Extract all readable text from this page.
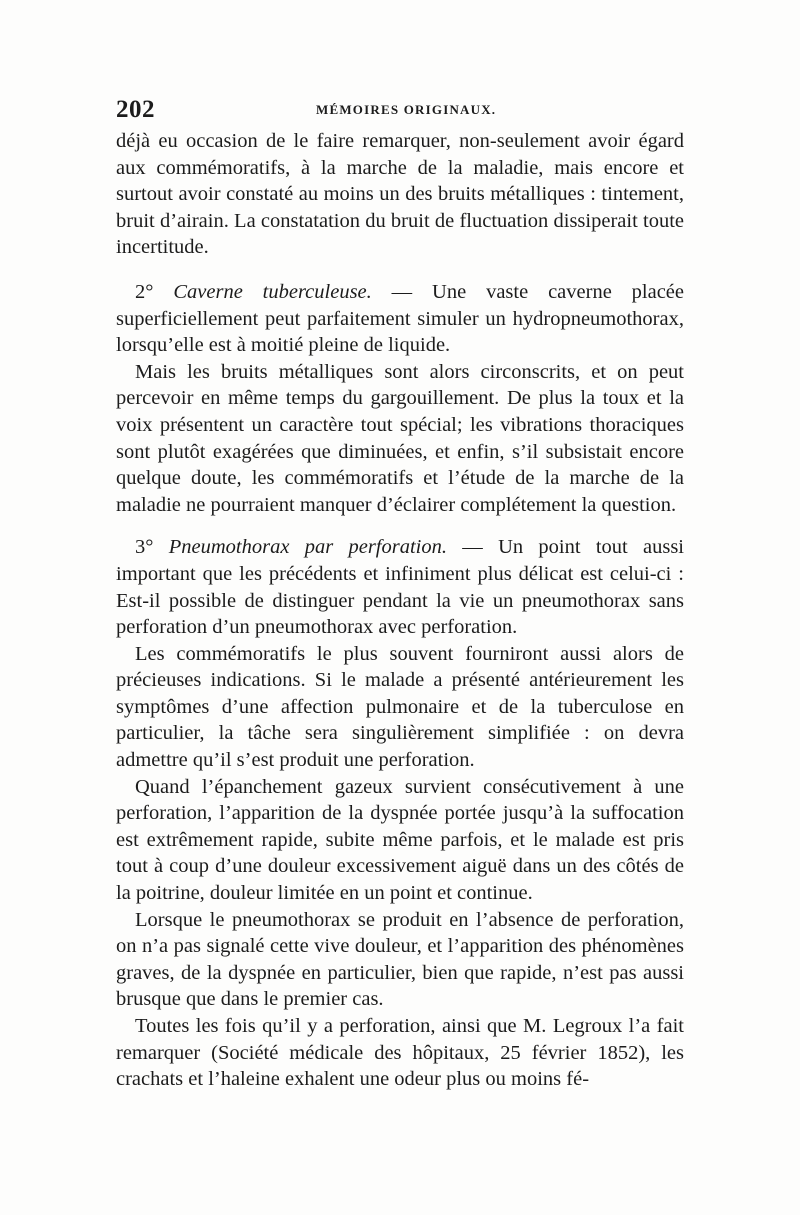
202	MÉMOIRES ORIGINAUX.

déjà eu occasion de le faire remarquer, non-seulement avoir égard aux commémoratifs, à la marche de la maladie, mais encore et surtout avoir constaté au moins un des bruits métalliques : tintement, bruit d’airain. La constatation du bruit de fluctuation dissiperait toute incertitude.

2° Caverne tuberculeuse. — Une vaste caverne placée superficiellement peut parfaitement simuler un hydropneumothorax, lorsqu’elle est à moitié pleine de liquide.

Mais les bruits métalliques sont alors circonscrits, et on peut percevoir en même temps du gargouillement. De plus la toux et la voix présentent un caractère tout spécial; les vibrations thoraciques sont plutôt exagérées que diminuées, et enfin, s’il subsistait encore quelque doute, les commémoratifs et l’étude de la marche de la maladie ne pourraient manquer d’éclairer complétement la question.

3° Pneumothorax par perforation. — Un point tout aussi important que les précédents et infiniment plus délicat est celui-ci : Est-il possible de distinguer pendant la vie un pneumothorax sans perforation d’un pneumothorax avec perforation.

Les commémoratifs le plus souvent fourniront aussi alors de précieuses indications. Si le malade a présenté antérieurement les symptômes d’une affection pulmonaire et de la tuberculose en particulier, la tâche sera singulièrement simplifiée : on devra admettre qu’il s’est produit une perforation.

Quand l’épanchement gazeux survient consécutivement à une perforation, l’apparition de la dyspnée portée jusqu’à la suffocation est extrêmement rapide, subite même parfois, et le malade est pris tout à coup d’une douleur excessivement aiguë dans un des côtés de la poitrine, douleur limitée en un point et continue.

Lorsque le pneumothorax se produit en l’absence de perforation, on n’a pas signalé cette vive douleur, et l’apparition des phénomènes graves, de la dyspnée en particulier, bien que rapide, n’est pas aussi brusque que dans le premier cas.

Toutes les fois qu’il y a perforation, ainsi que M. Legroux l’a fait remarquer (Société médicale des hôpitaux, 25 février 1852), les crachats et l’haleine exhalent une odeur plus ou moins fé-
